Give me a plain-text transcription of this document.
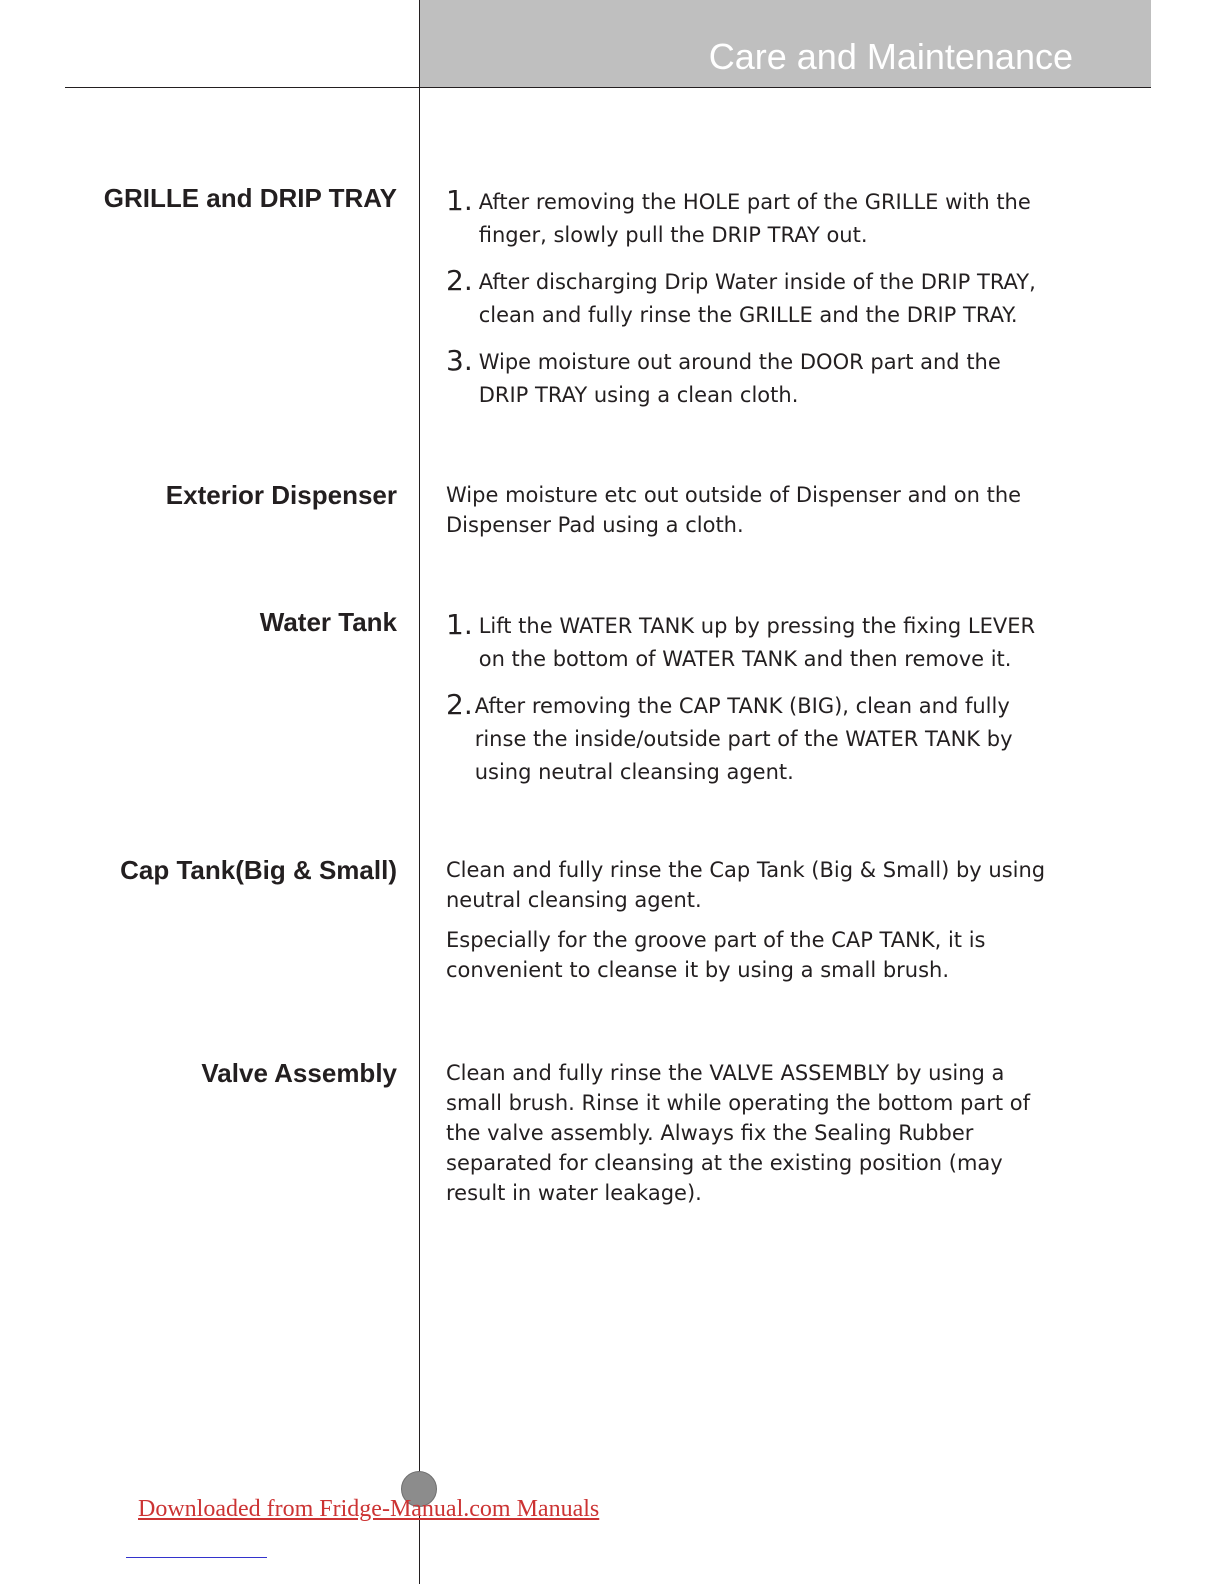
Care and Maintenance
GRILLE and DRIP TRAY 1. After removing the HOLE part of the GRILLE with the finger, slowly pull the DRIP TRAY out.
2. After discharging Drip Water inside of the DRIP TRAY, clean and fully rinse the GRILLE and the DRIP TRAY.
3. Wipe moisture out around the DOOR part and the DRIP TRAY using a clean cloth.
Exterior Dispenser Wipe moisture etc out outside of Dispenser and on the Dispenser Pad using a cloth.

Water Tank 1. Lift the WATER TANK up by pressing the fixing LEVER on the bottom of WATER TANK and then remove it.
2. After removing the CAP TANK (BIG), clean and fully rinse the inside/outside part of the WATER TANK by using neutral cleansing agent.
Cap Tank(Big & Small) Clean and fully rinse the Cap Tank (Big & Small) by using neutral cleansing agent.

Especially for the groove part of the CAP TANK, it is convenient to cleanse it by using a small brush.

Valve Assembly Clean and fully rinse the VALVE ASSEMBLY by using a small brush. Rinse it while operating the bottom part of the valve assembly. Always fix the Sealing Rubber separated for cleansing at the existing position (may result in water leakage).

Downloaded from Fridge-Manual.com Manuals
